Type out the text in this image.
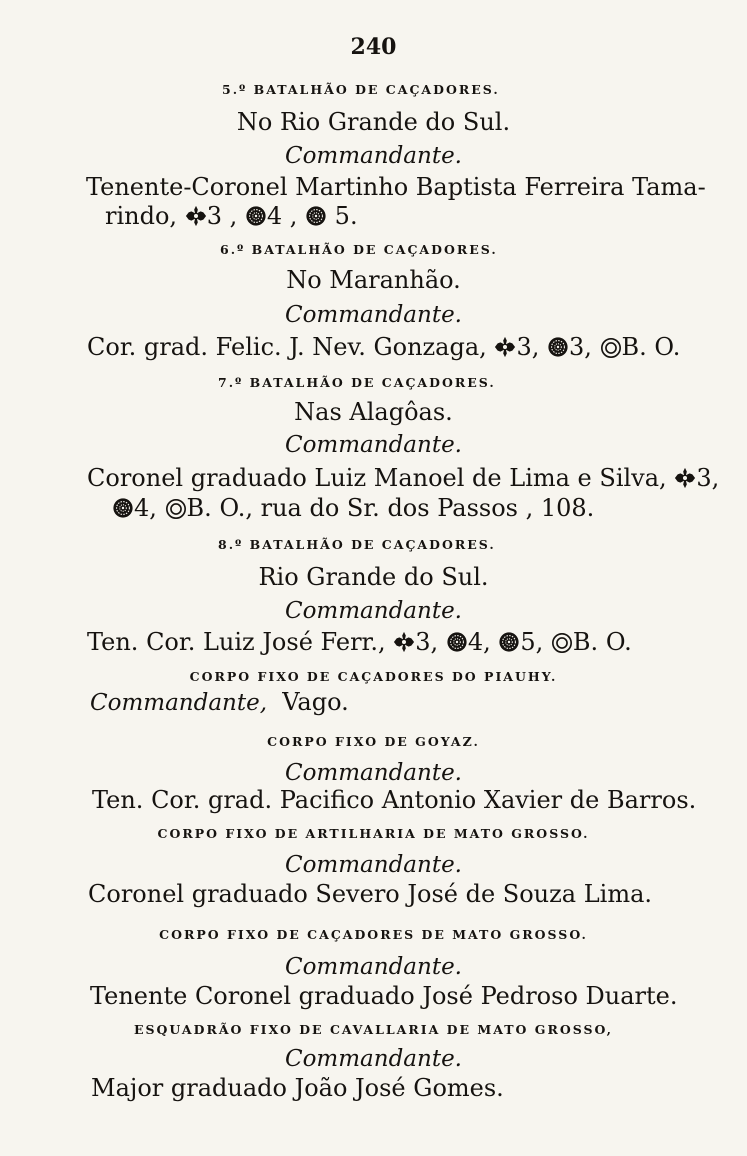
240
5.º BATALHÃO DE CAÇADORES.
No Rio Grande do Sul.
Commandante.
Tenente-Coronel Martinho Baptista Ferreira Tama-
rindo, 3 , 4 , 5.
6.º BATALHÃO DE CAÇADORES.
No Maranhão.
Commandante.
Cor. grad. Felic. J. Nev. Gonzaga, 3, 3, B. O.
7.º BATALHÃO DE CAÇADORES.
Nas Alagôas.
Commandante.
Coronel graduado Luiz Manoel de Lima e Silva, 3,
4, B. O., rua do Sr. dos Passos , 108.
8.º BATALHÃO DE CAÇADORES.
Rio Grande do Sul.
Commandante.
Ten. Cor. Luiz José Ferr., 3, 4, 5, B. O.
CORPO FIXO DE CAÇADORES DO PIAUHY.
Commandante, Vago.
CORPO FIXO DE GOYAZ.
Commandante.
Ten. Cor. grad. Pacifico Antonio Xavier de Barros.
CORPO FIXO DE ARTILHARIA DE MATO GROSSO.
Commandante.
Coronel graduado Severo José de Souza Lima.
CORPO FIXO DE CAÇADORES DE MATO GROSSO.
Commandante.
Tenente Coronel graduado José Pedroso Duarte.
ESQUADRÃO FIXO DE CAVALLARIA DE MATO GROSSO,
Commandante.
Major graduado João José Gomes.
